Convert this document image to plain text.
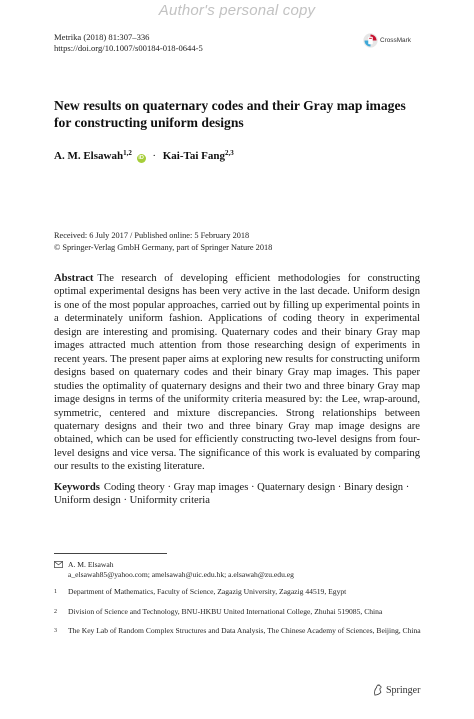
Author's personal copy
Metrika (2018) 81:307–336
https://doi.org/10.1007/s00184-018-0644-5
CrossMark
New results on quaternary codes and their Gray map images for constructing uniform designs
A. M. Elsawah$^{1,2}$ iD · Kai-Tai Fang$^{2,3}$
Received: 6 July 2017 / Published online: 5 February 2018
© Springer-Verlag GmbH Germany, part of Springer Nature 2018
Abstract The research of developing efficient methodologies for constructing optimal experimental designs has been very active in the last decade. Uniform design is one of the most popular approaches, carried out by filling up experimental points in a determinately uniform fashion. Applications of coding theory in experimental design are interesting and promising. Quaternary codes and their binary Gray map images attracted much attention from those researching design of experiments in recent years. The present paper aims at exploring new results for constructing uniform designs based on quaternary codes and their binary Gray map images. This paper studies the optimality of quaternary designs and their two and three binary Gray map image designs in terms of the uniformity criteria measured by: the Lee, wrap-around, symmetric, centered and mixture discrepancies. Strong relationships between quaternary designs and their two and three binary Gray map image designs are obtained, which can be used for efficiently constructing two-level designs from four-level designs and vice versa. The significance of this work is evaluated by comparing our results to the existing literature.
Keywords Coding theory · Gray map images · Quaternary design · Binary design · Uniform design · Uniformity criteria
A. M. Elsawah
a_elsawah85@yahoo.com; amelsawah@uic.edu.hk; a.elsawah@zu.edu.eg
$^1$	Department of Mathematics, Faculty of Science, Zagazig University, Zagazig 44519, Egypt
$^2$	Division of Science and Technology, BNU-HKBU United International College, Zhuhai 519085, China
$^3$	The Key Lab of Random Complex Structures and Data Analysis, The Chinese Academy of Sciences, Beijing, China
Springer
